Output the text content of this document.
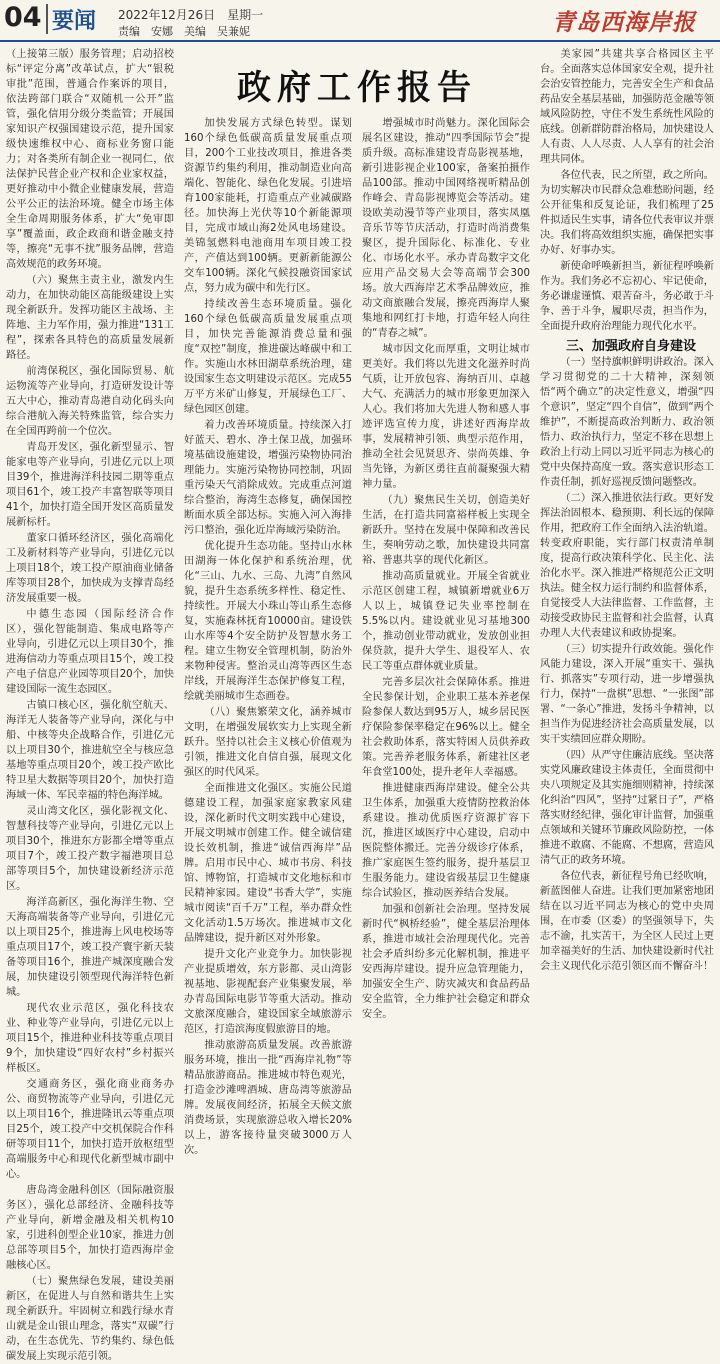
04 要闻 2022年12月26日　星期一
责编　安娜　美编　吴兼妮	青岛西海岸报
政府工作报告

（上接第三版）服务管理；启动招校标“评定分离”改革试点，扩大“银税审批”范围，普通合作案诉的项目，依法跨部门联合“双随机一公开”监管，强化信用分级分类监管；开展国家知识产权强国建设示范，提升国家级快速维权中心、商标业务窗口能力；对各类所有制企业一视同仁，依法保护民营企业产权和企业家权益，更好推动中小微企业健康发展，营造公平公正的法治环境。健全市场主体全生命周期服务体系，扩大“免审即享”覆盖面，政企政商和谐金融支持等，擦亮“无事不扰”服务品牌，营造高效规范的政务环境。

（六）聚焦主责主业，激发内生动力，在加快动能区高能级建设上实现全新跃升。发挥功能区主战场、主阵地、主力军作用，强力推进“131工程”，探索各具特色的高质量发展新路径。

前湾保税区，强化国际贸易、航运物流等产业导向，打造研发设计等五大中心，推动青岛港自动化码头向综合港航入海关特殊监管，综合实力在全国再跨前一个位次。

青岛开发区，强化新型显示、智能家电等产业导向，引进亿元以上项目39个，推进海洋科技园二期等重点项目61个，竣工投产丰富智联等项目41个，加快打造全国开发区高质量发展新标杆。

董家口循环经济区，强化高端化工及新材料等产业导向，引进亿元以上项目18个，竣工投产原油商业储备库等项目28个，加快成为支撑青岛经济发展重要一极。

中德生态园（国际经济合作区），强化智能制造、集成电路等产业导向，引进亿元以上项目30个，推进海信动力等重点项目15个，竣工投产电子信息产业园等项目20个，加快建设国际一流生态园区。

古镇口核心区，强化航空航天、海洋无人装备等产业导向，深化与中船、中核等央企战略合作，引进亿元以上项目30个，推进航空全与核应急基地等重点项目20个，竣工投产欧比特卫星大数据等项目20个，加快打造海域一体、军民幸福的特色海洋城。

灵山湾文化区，强化影视文化、智慧科技等产业导向，引进亿元以上项目30个，推进东方影都全增等重点项目7个，竣工投产数字福港项目总部等项目5个，加快建设新经济示范区。

海洋高新区，强化海洋生物、空天海高端装备等产业导向，引进亿元以上项目25个，推进海上风电校场等重点项目17个，竣工投产寰宇新天装备等项目16个，推进产城深度融合发展，加快建设引领型现代海洋特色新城。

现代农业示范区，强化科技农业、种业等产业导向，引进亿元以上项目15个，推进种业科技等重点项目9个，加快建设“四好农村”乡村振兴样板区。

交通商务区，强化商业商务办公、商贸物流等产业导向，引进亿元以上项目16个，推进隆讯云等重点项目25个，竣工投产中交机保院合作科研等项目11个，加快打造开放枢纽型高端服务中心和现代化新型城市副中心。

唐岛湾金融科创区（国际融资服务区），强化总部经济、金融科技等产业导向，新增金融及相关机构10家，引进科创型企业10家，推进力创总部等项目5个，加快打造西海岸金融核心区。

（七）聚焦绿色发展，建设美丽新区，在促进人与自然和谐共生上实现全新跃升。牢固树立和践行绿水青山就是金山银山理念，落实“双碳”行动，在生态优先、节约集约、绿色低碳发展上实现示范引领。

加快发展方式绿色转型。谋划160个绿色低碳高质量发展重点项目，200个工业技改项目，推进各类资源节约集约利用，推动制造业向高端化、智能化、绿色化发展。引进培育100家能耗，打造重点产业减碳路径。加快海上光伏等10个新能源项目，完成市域山海2处风电场建设。美锦氢燃料电池商用车项目竣工投产，产值达到100辆。更新新能源公交车100辆。深化气候投融资国家试点，努力成为碳中和先行区。

持续改善生态环境质量。强化160个绿色低碳高质量发展重点项目，加快完善能源消费总量和强度“双控”制度，推进碳达峰碳中和工作。实施山水林田湖草系统治理，建设国家生态文明建设示范区。完成55万平方米矿山修复，开展绿色工厂、绿色园区创建。

着力改善环境质量。持续深入打好蓝天、碧水、净土保卫战，加强环境基础设施建设，增强污染物协同治理能力。实施污染物协同控制，巩固重污染天气消除成效。完成重点河道综合整治，海湾生态修复，确保国控断面水质全部达标。实施入河入海排污口整治，强化近岸海域污染防治。

优化提升生态功能。坚持山水林田湖海一体化保护和系统治理，优化“三山、九水、三岛、九湾”自然风貌，提升生态系统多样性、稳定性、持续性。开展大小珠山等山系生态修复，实施森林抚育10000亩。建设铁山水库等4个安全防护及智慧水务工程。建立生物安全管理机制，防治外来物种侵害。整治灵山湾等西区生态岸线，开展海洋生态保护修复工程，绘就美丽城市生态画卷。

（八）聚焦繁荣文化，涵养城市文明，在增强发展软实力上实现全新跃升。坚持以社会主义核心价值观为引领，推进文化自信自强，展现文化强区的时代风采。

全面推进文化强区。实施公民道德建设工程，加强家庭家教家风建设，深化新时代文明实践中心建设，开展文明城市创建工作。健全诚信建设长效机制，推进“诚信西海岸”品牌。启用市民中心、城市书房、科技馆、博物馆，打造城市文化地标和市民精神家园。建设“书香大学”，实施城市阅读“百千万”工程，举办群众性文化活动1.5万场次。推进城市文化品牌建设，提升新区对外形象。

提升文化产业竞争力。加快影视产业提质增效，东方影都、灵山湾影视基地、影视配套产业集聚发展，举办青岛国际电影节等重大活动。推动文旅深度融合，建设国家全域旅游示范区，打造滨海度假旅游目的地。

推动旅游高质量发展。改善旅游服务环境，推出一批“西海岸礼物”等精品旅游商品。推进城市特色观光，打造金沙滩啤酒城、唐岛湾等旅游品牌。发展夜间经济，拓展全天候文旅消费场景，实现旅游总收入增长20%以上，游客接待量突破3000万人次。

增强城市时尚魅力。深化国际会展名区建设，推动“四季国际节会”提质升级。高标准建设青岛影视基地，新引进影视企业100家，备案拍摄作品100部。推动中国网络视听精品创作峰会、青岛影视博览会等活动。建设欧美动漫节等产业项目，落实凤凰音乐节等节庆活动，打造时尚消费集聚区，提升国际化、标准化、专业化、市场化水平。承办青岛数字文化应用产品交易大会等高端节会300场。放大西海岸艺术季品牌效应，推动文商旅融合发展，擦亮西海岸人聚集地和网红打卡地，打造年轻人向往的“青春之城”。

城市因文化而厚重，文明让城市更美好。我们将以先进文化滋养时尚气质，让开放包容、海纳百川、卓越大气、充满活力的城市形象更加深入人心。我们将加大先进人物和感人事迹评选宣传力度，讲述好西海岸故事，发展精神引领、典型示范作用，推动全社会见贤思齐、崇尚英雄、争当先锋，为新区勇往直前凝聚强大精神力量。

（九）聚焦民生关切，创造美好生活，在打造共同富裕样板上实现全新跃升。坚持在发展中保障和改善民生，奏响劳动之歌，加快建设共同富裕、普惠共享的现代化新区。

推动高质量就业。开展全省就业示范区创建工程，城镇新增就业6万人以上，城镇登记失业率控制在5.5%以内。建设就业见习基地300个，推动创业带动就业，发放创业担保贷款，提升大学生、退役军人、农民工等重点群体就业质量。

完善多层次社会保障体系。推进全民参保计划，企业职工基本养老保险参保人数达到95万人，城乡居民医疗保险参保率稳定在96%以上。健全社会救助体系，落实特困人员供养政策。完善养老服务体系，新建社区老年食堂100处，提升老年人幸福感。

推进健康西海岸建设。健全公共卫生体系，加强重大疫情防控救治体系建设。推动优质医疗资源扩容下沉，推进区域医疗中心建设，启动中医院整体搬迁。完善分级诊疗体系，推广家庭医生签约服务，提升基层卫生服务能力。建设省级基层卫生健康综合试验区，推动医养结合发展。

加强和创新社会治理。坚持发展新时代“枫桥经验”，健全基层治理体系，推进市域社会治理现代化。完善社会矛盾纠纷多元化解机制，推进平安西海岸建设。提升应急管理能力，加强安全生产、防灾减灾和食品药品安全监管，全力维护社会稳定和群众安全。

美家园”共建共享合格园区主平台。全面落实总体国家安全观，提升社会治安管控能力，完善安全生产和食品药品安全基层基础，加强防范金融等领域风险防控，守住不发生系统性风险的底线。创新群防群治格局，加快建设人人有责、人人尽责、人人享有的社会治理共同体。

各位代表，民之所望，政之所向。为切实解决市民群众急难愁盼问题，经公开征集和反复论证，我们梳理了25件拟适民生实事，请各位代表审议并票决。我们将高效组织实施，确保把实事办好、好事办实。

新使命呼唤新担当，新征程呼唤新作为。我们务必不忘初心、牢记使命，务必谦虚谨慎、艰苦奋斗，务必敢于斗争、善于斗争，履职尽责，担当作为，全面提升政府治理能力现代化水平。

三、加强政府自身建设

（一）坚持旗帜鲜明讲政治。深入学习贯彻党的二十大精神，深刻领悟“两个确立”的决定性意义，增强“四个意识”，坚定“四个自信”，做到“两个维护”，不断提高政治判断力、政治领悟力、政治执行力，坚定不移在思想上政治上行动上同以习近平同志为核心的党中央保持高度一致。落实意识形态工作责任制，抓好巡视反馈问题整改。

（二）深入推进依法行政。更好发挥法治固根本、稳预期、利长远的保障作用，把政府工作全面纳入法治轨道。转变政府职能，实行部门权责清单制度，提高行政决策科学化、民主化、法治化水平。深入推进严格规范公正文明执法。健全权力运行制约和监督体系，自觉接受人大法律监督、工作监督，主动接受政协民主监督和社会监督，认真办理人大代表建议和政协提案。

（三）切实提升行政效能。强化作风能力建设，深入开展“重实干、强执行、抓落实”专项行动，进一步增强执行力，保持“一盘棋”思想、“一张图”部署、“一条心”推进，发扬斗争精神，以担当作为促进经济社会高质量发展，以实干实绩回应群众期盼。

（四）从严守住廉洁底线。坚决落实党风廉政建设主体责任，全面贯彻中央八项规定及其实施细则精神，持续深化纠治“四风”，坚持“过紧日子”，严格落实财经纪律，强化审计监督，加强重点领域和关键环节廉政风险防控，一体推进不敢腐、不能腐、不想腐，营造风清气正的政务环境。

各位代表，新征程号角已经吹响，新蓝图催人奋进。让我们更加紧密地团结在以习近平同志为核心的党中央周围，在市委（区委）的坚强领导下，失志不渝，扎实苦干，为全区人民过上更加幸福美好的生活、加快建设新时代社会主义现代化示范引领区而不懈奋斗！
